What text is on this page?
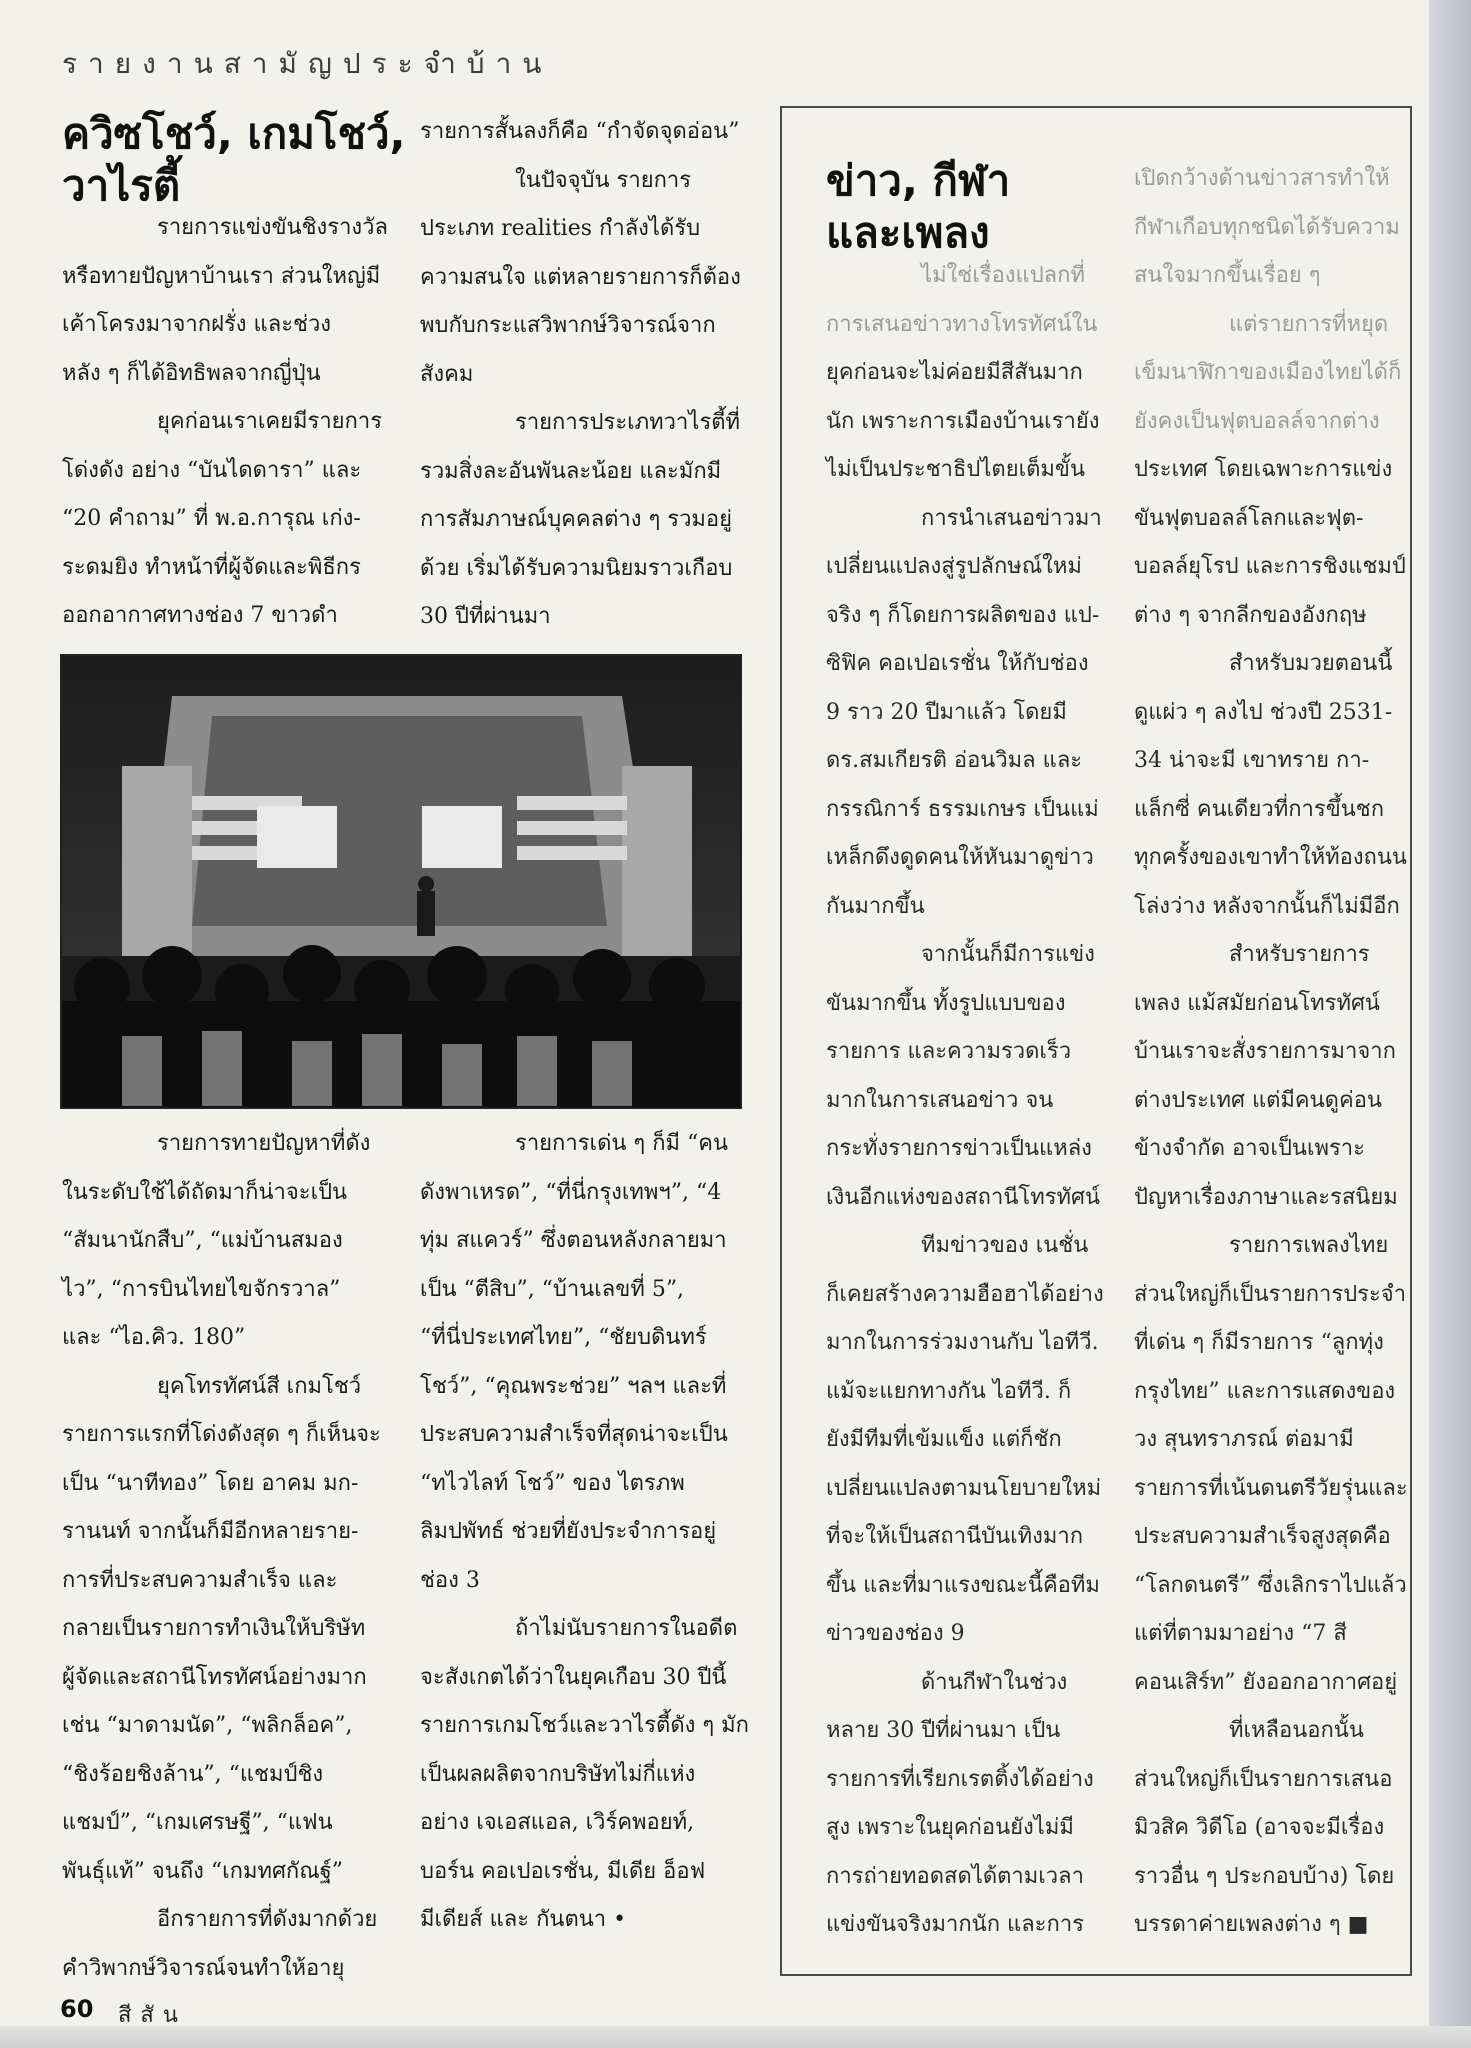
รายงานสามัญประจำบ้าน
ควิซโชว์, เกมโชว์,
วาไรตี้
รายการแข่งขันชิงรางวัล
หรือทายปัญหาบ้านเรา ส่วนใหญ่มี
เค้าโครงมาจากฝรั่ง และช่วง
หลัง ๆ ก็ได้อิทธิพลจากญี่ปุ่น
ยุคก่อนเราเคยมีรายการ
โด่งดัง อย่าง “บันไดดารา” และ
“20 คำถาม” ที่ พ.อ.การุณ เก่ง-
ระดมยิง ทำหน้าที่ผู้จัดและพิธีกร
ออกอากาศทางช่อง 7 ขาวดำ
รายการสั้นลงก็คือ “กำจัดจุดอ่อน”
ในปัจจุบัน รายการ
ประเภท realities กำลังได้รับ
ความสนใจ แต่หลายรายการก็ต้อง
พบกับกระแสวิพากษ์วิจารณ์จาก
สังคม
รายการประเภทวาไรตี้ที่
รวมสิ่งละอันพันละน้อย และมักมี
การสัมภาษณ์บุคคลต่าง ๆ รวมอยู่
ด้วย เริ่มได้รับความนิยมราวเกือบ
30 ปีที่ผ่านมา
รายการทายปัญหาที่ดัง
ในระดับใช้ได้ถัดมาก็น่าจะเป็น
“สัมนานักสืบ”, “แม่บ้านสมอง
ไว”, “การบินไทยไขจักรวาล”
และ “ไอ.คิว. 180”
ยุคโทรทัศน์สี เกมโชว์
รายการแรกที่โด่งดังสุด ๆ ก็เห็นจะ
เป็น “นาทีทอง” โดย อาคม มก-
รานนท์ จากนั้นก็มีอีกหลายราย-
การที่ประสบความสำเร็จ และ
กลายเป็นรายการทำเงินให้บริษัท
ผู้จัดและสถานีโทรทัศน์อย่างมาก
เช่น “มาดามนัด”, “พลิกล็อค”,
“ชิงร้อยชิงล้าน”, “แชมป์ชิง
แชมป์”, “เกมเศรษฐี”, “แฟน
พันธุ์แท้” จนถึง “เกมทศกัณฐ์”
อีกรายการที่ดังมากด้วย
คำวิพากษ์วิจารณ์จนทำให้อายุ
รายการเด่น ๆ ก็มี “คน
ดังพาเหรด”, “ที่นี่กรุงเทพฯ”, “4
ทุ่ม สแควร์” ซึ่งตอนหลังกลายมา
เป็น “ตีสิบ”, “บ้านเลขที่ 5”,
“ที่นี่ประเทศไทย”, “ชัยบดินทร์
โชว์”, “คุณพระช่วย” ฯลฯ และที่
ประสบความสำเร็จที่สุดน่าจะเป็น
“ทไวไลท์ โชว์” ของ ไตรภพ
ลิมปพัทธ์ ช่วยที่ยังประจำการอยู่
ช่อง 3
ถ้าไม่นับรายการในอดีต
จะสังเกตได้ว่าในยุคเกือบ 30 ปีนี้
รายการเกมโชว์และวาไรตี้ดัง ๆ มัก
เป็นผลผลิตจากบริษัทไม่กี่แห่ง
อย่าง เจเอสแอล, เวิร์คพอยท์,
บอร์น คอเปอเรชั่น, มีเดีย อ็อฟ
มีเดียส์ และ กันตนา •
ข่าว, กีฬา
และเพลง
ไม่ใช่เรื่องแปลกที่
การเสนอข่าวทางโทรทัศน์ใน
ยุคก่อนจะไม่ค่อยมีสีสันมาก
นัก เพราะการเมืองบ้านเรายัง
ไม่เป็นประชาธิปไตยเต็มขั้น
การนำเสนอข่าวมา
เปลี่ยนแปลงสู่รูปลักษณ์ใหม่
จริง ๆ ก็โดยการผลิตของ แป-
ซิฟิค คอเปอเรชั่น ให้กับช่อง
9 ราว 20 ปีมาแล้ว โดยมี
ดร.สมเกียรติ อ่อนวิมล และ
กรรณิการ์ ธรรมเกษร เป็นแม่
เหล็กดึงดูดคนให้หันมาดูข่าว
กันมากขึ้น
จากนั้นก็มีการแข่ง
ขันมากขึ้น ทั้งรูปแบบของ
รายการ และความรวดเร็ว
มากในการเสนอข่าว จน
กระทั่งรายการข่าวเป็นแหล่ง
เงินอีกแห่งของสถานีโทรทัศน์
ทีมข่าวของ เนชั่น
ก็เคยสร้างความฮือฮาได้อย่าง
มากในการร่วมงานกับ ไอทีวี.
แม้จะแยกทางกัน ไอทีวี. ก็
ยังมีทีมที่เข้มแข็ง แต่ก็ชัก
เปลี่ยนแปลงตามนโยบายใหม่
ที่จะให้เป็นสถานีบันเทิงมาก
ขึ้น และที่มาแรงขณะนี้คือทีม
ข่าวของช่อง 9
ด้านกีฬาในช่วง
หลาย 30 ปีที่ผ่านมา เป็น
รายการที่เรียกเรตติ้งได้อย่าง
สูง เพราะในยุคก่อนยังไม่มี
การถ่ายทอดสดได้ตามเวลา
แข่งขันจริงมากนัก และการ
เปิดกว้างด้านข่าวสารทำให้
กีฬาเกือบทุกชนิดได้รับความ
สนใจมากขึ้นเรื่อย ๆ
แต่รายการที่หยุด
เข็มนาฬิกาของเมืองไทยได้ก็
ยังคงเป็นฟุตบอลล์จากต่าง
ประเทศ โดยเฉพาะการแข่ง
ขันฟุตบอลล์โลกและฟุต-
บอลล์ยุโรป และการชิงแชมป์
ต่าง ๆ จากลีกของอังกฤษ
สำหรับมวยตอนนี้
ดูแผ่ว ๆ ลงไป ช่วงปี 2531-
34 น่าจะมี เขาทราย กา-
แล็กซี่ คนเดียวที่การขึ้นชก
ทุกครั้งของเขาทำให้ท้องถนน
โล่งว่าง หลังจากนั้นก็ไม่มีอีก
สำหรับรายการ
เพลง แม้สมัยก่อนโทรทัศน์
บ้านเราจะสั่งรายการมาจาก
ต่างประเทศ แต่มีคนดูค่อน
ข้างจำกัด อาจเป็นเพราะ
ปัญหาเรื่องภาษาและรสนิยม
รายการเพลงไทย
ส่วนใหญ่ก็เป็นรายการประจำ
ที่เด่น ๆ ก็มีรายการ “ลูกทุ่ง
กรุงไทย” และการแสดงของ
วง สุนทราภรณ์ ต่อมามี
รายการที่เน้นดนตรีวัยรุ่นและ
ประสบความสำเร็จสูงสุดคือ
“โลกดนตรี” ซึ่งเลิกราไปแล้ว
แต่ที่ตามมาอย่าง “7 สี
คอนเสิร์ท” ยังออกอากาศอยู่
ที่เหลือนอกนั้น
ส่วนใหญ่ก็เป็นรายการเสนอ
มิวสิค วิดีโอ (อาจจะมีเรื่อง
ราวอื่น ๆ ประกอบบ้าง) โดย
บรรดาค่ายเพลงต่าง ๆ ■
60 สีสัน
